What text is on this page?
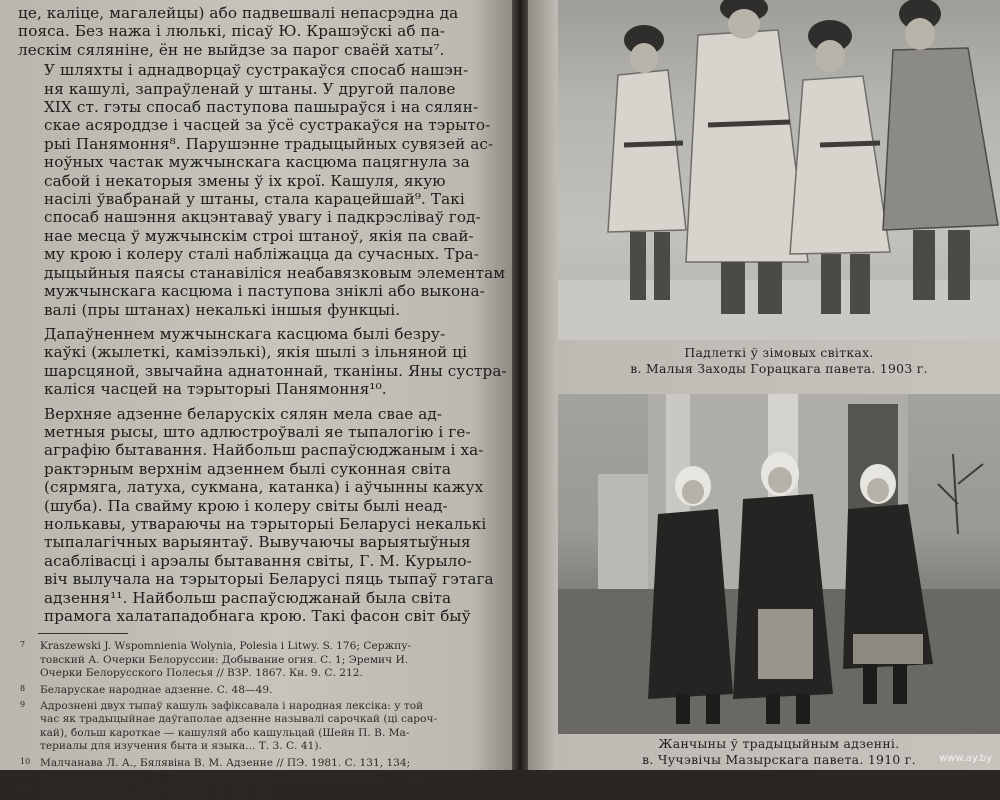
це, каліце, магалейцы) або падвешвалі непасрэдна да
пояса. Без нажа і люлькі, пісаў Ю. Крашэўскі аб па-
лескім сяляніне, ён не выйдзе за парог сваёй хаты⁷.

У шляхты і аднадворцаў сустракаўся спосаб нашэн-
ня кашулі, запраўленай у штаны. У другой палове
XIX ст. гэты спосаб паступова пашыраўся і на сялян-
скае асяроддзе і часцей за ўсё сустракаўся на тэрыто-
рыі Панямоння⁸. Парушэнне традыцыйных сувязей ас-
ноўных частак мужчынскага касцюма пацягнула за
сабой і некаторыя змены ў іх крої. Кашуля, якую
насілі ўвабранай у штаны, стала карацейшай⁹. Такі
спосаб нашэння акцэнтаваў увагу і падкрэсліваў год-
нае месца ў мужчынскім строі штаноў, якія па свай-
му крою і колеру сталі набліжацца да сучасных. Тра-
дыцыйныя паясы станавіліся неабавязковым элементам
мужчынскага касцюма і паступова зніклі або выкона-
валі (пры штанах) некалькі іншыя функцыі.

Дапаўненнем мужчынскага касцюма былі безру-
каўкі (жылеткі, камізэлькі), якія шылі з ільняной ці
шарсцяной, звычайна аднатоннай, тканіны. Яны сустра-
каліся часцей на тэрыторыі Панямоння¹⁰.

Верхняе адзенне беларускіх сялян мела свае ад-
метныя рысы, што адлюстроўвалі яе тыпалогію і ге-
аграфію бытавання. Найбольш распаўсюджаным і ха-
рактэрным верхнім адзеннем былі суконная світа
(сярмяга, латуха, сукмана, катанка) і аўчынны кажух
(шуба). Па свайму крою і колеру світы былі неад-
нолькавы, утвараючы на тэрыторыі Беларусі некалькі
тыпалагічных варыянтаў. Вывучаючы варыятыўныя
асаблівасці і арэалы бытавання світы, Г. М. Курыло-
віч вылучала на тэрыторыі Беларусі пяць тыпаў гэтага
адзення¹¹. Найбольш распаўсюджанай была світа
прамога халатападобнага крою. Такі фасон світ быў

7	Kraszewski J. Wspomnienia Wolynia, Polesia i Litwy. S. 176; Сержпу-
товский А. Очерки Белоруссии: Добывание огня. С. 1; Эремич И.
Очерки Белорусского Полесья // ВЗР. 1867. Кн. 9. С. 212.
8	Беларускае народнае адзенне. С. 48—49.
9	Адрознені двух тыпаў кашуль зафіксавала і народная лексіка: у той
час як традыцыйнае даўгаполае адзенне называлі сарочкай (ці сароч-
кай), больш кароткае — кашуляй або кашульцай (Шейн П. В. Ма-
териалы для изучения быта и языка... Т. 3. С. 41).
10 Малчанава Л. А., Бялявіна В. М. Адзенне // ПЭ. 1981. С. 131, 134;
Никифоровский Н. Я. Очерки простонародного житья-бытья... С. 109.
11 Беларускае народнае адзенне. С. 61—63.
Падлеткі ў зімовых світках.
в. Малыя Заходы Горацкага павета. 1903 г.
Жанчыны ў традыцыйным адзенні.
в. Чучэвічы Мазырскага павета. 1910 г.	www.ay.by
